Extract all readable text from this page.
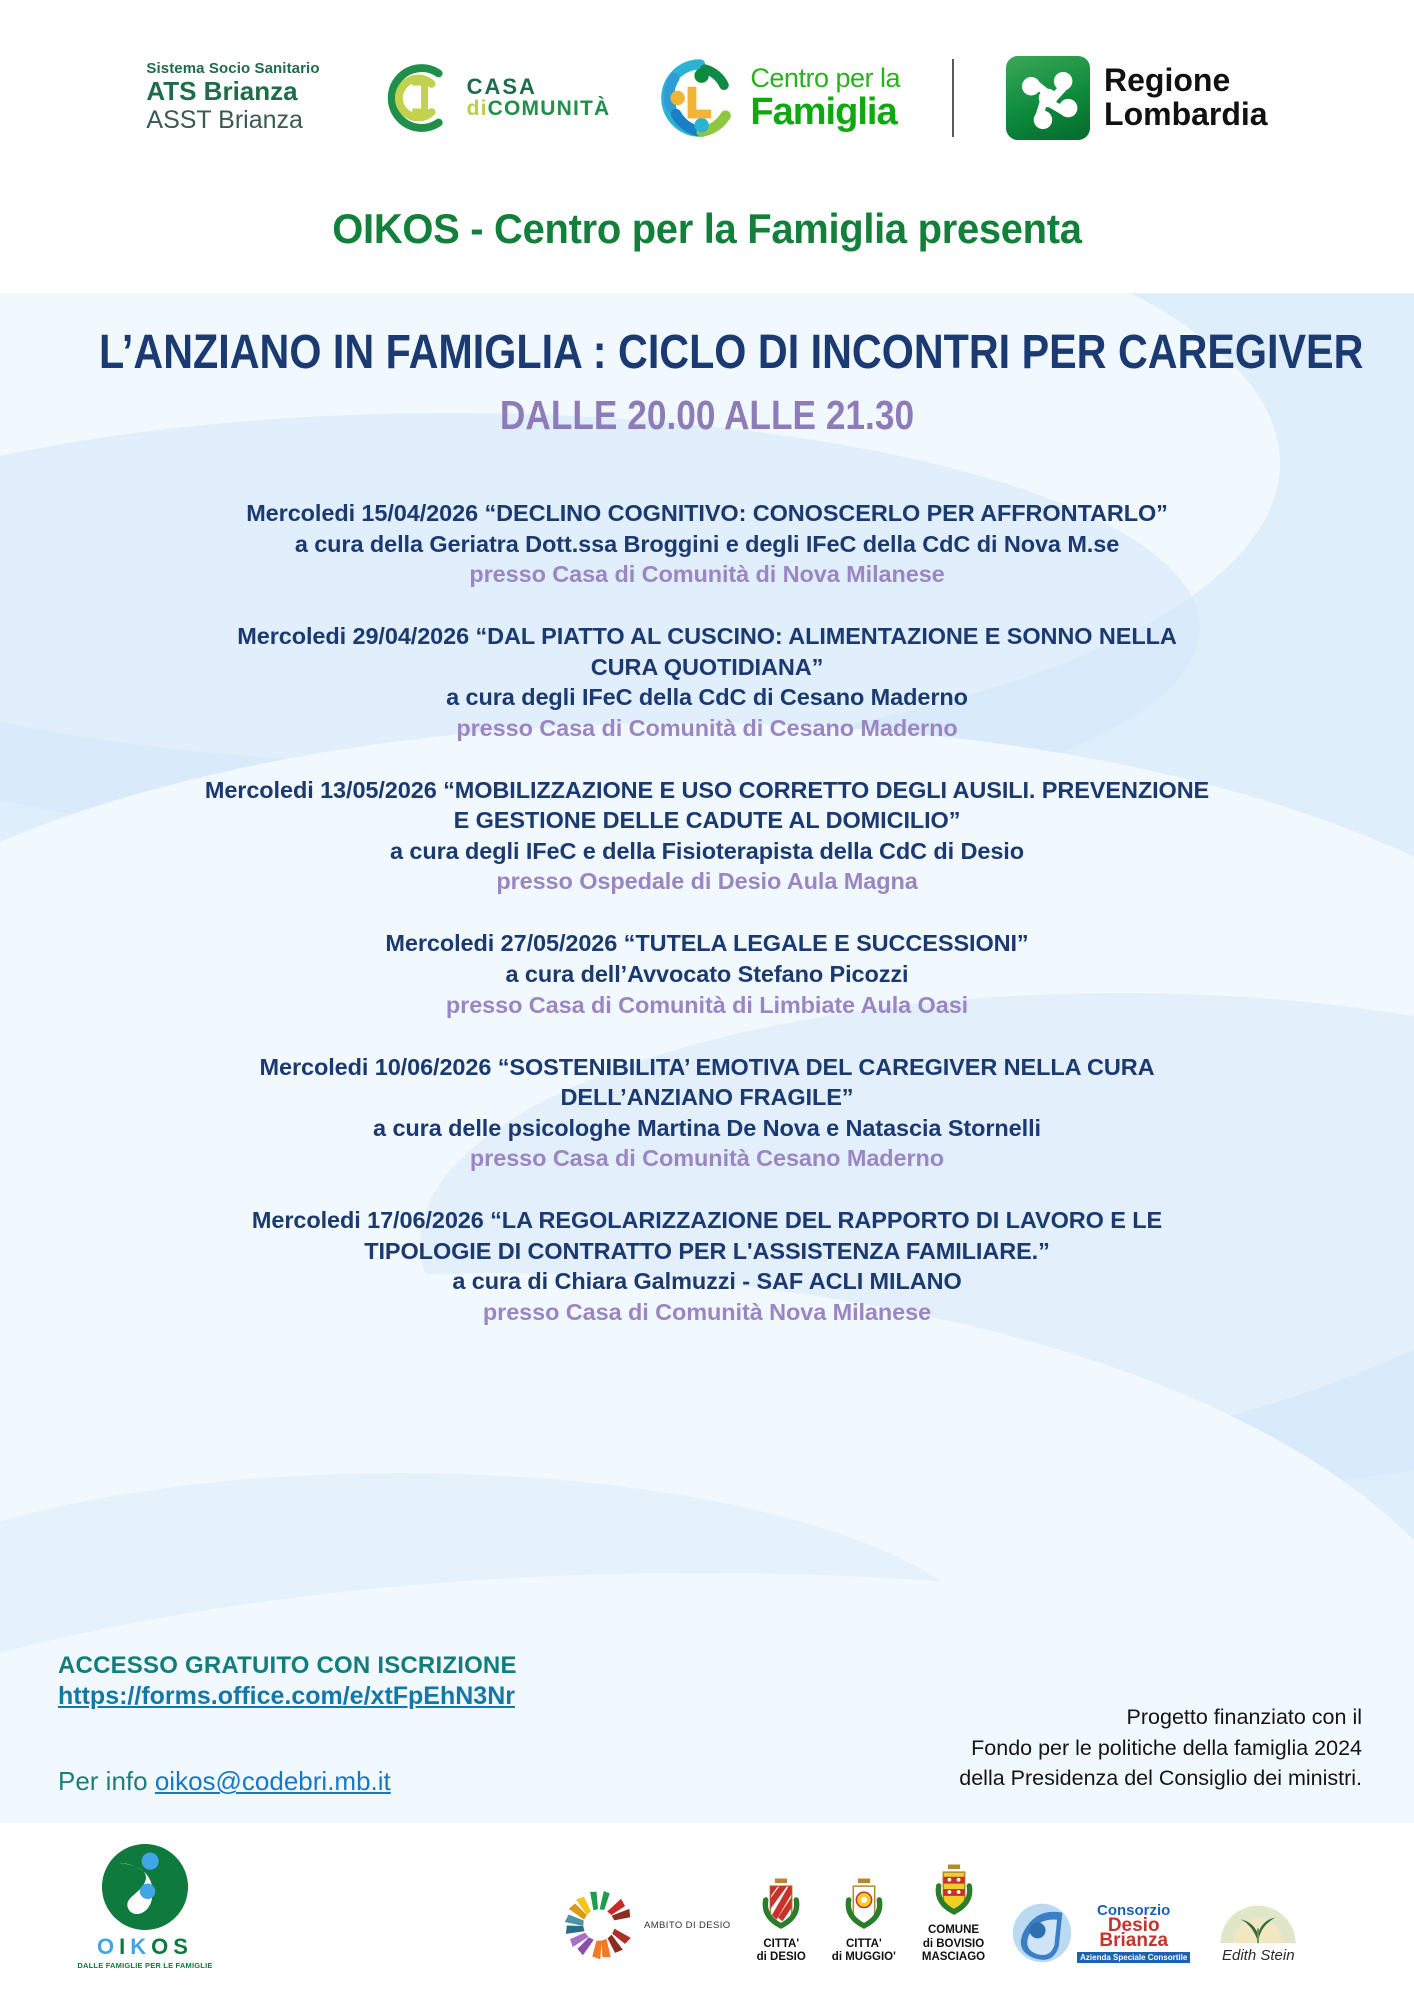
Sistema Socio Sanitario
ATS Brianza
ASST Brianza
CASA
diCOMUNITÀ
Centro per la
Famiglia
Regione
Lombardia
OIKOS - Centro per la Famiglia presenta
L’ANZIANO IN FAMIGLIA : CICLO DI INCONTRI PER CAREGIVER
DALLE 20.00 ALLE 21.30
Mercoledi 15/04/2026 “DECLINO COGNITIVO: CONOSCERLO PER AFFRONTARLO”
a cura della Geriatra Dott.ssa Broggini e degli IFeC della CdC di Nova M.se
presso Casa di Comunità di Nova Milanese
Mercoledi 29/04/2026 “DAL PIATTO AL CUSCINO: ALIMENTAZIONE E SONNO NELLA
CURA QUOTIDIANA”
a cura degli IFeC della CdC di Cesano Maderno
presso Casa di Comunità di Cesano Maderno
Mercoledi 13/05/2026 “MOBILIZZAZIONE E USO CORRETTO DEGLI AUSILI. PREVENZIONE
E GESTIONE DELLE CADUTE AL DOMICILIO”
a cura degli IFeC e della Fisioterapista della CdC di Desio
presso Ospedale di Desio Aula Magna
Mercoledi 27/05/2026 “TUTELA LEGALE E SUCCESSIONI”
a cura dell’Avvocato Stefano Picozzi
presso Casa di Comunità di Limbiate Aula Oasi
Mercoledi 10/06/2026 “SOSTENIBILITA’ EMOTIVA DEL CAREGIVER NELLA CURA
DELL’ANZIANO FRAGILE”
a cura delle psicologhe Martina De Nova e Natascia Stornelli
presso Casa di Comunità Cesano Maderno
Mercoledi 17/06/2026 “LA REGOLARIZZAZIONE DEL RAPPORTO DI LAVORO E LE
TIPOLOGIE DI CONTRATTO PER L'ASSISTENZA FAMILIARE.”
a cura di Chiara Galmuzzi - SAF ACLI MILANO
presso Casa di Comunità Nova Milanese
ACCESSO GRATUITO CON ISCRIZIONE
https://forms.office.com/e/xtFpEhN3Nr
Per info oikos@codebri.mb.it
Progetto finanziato con il
Fondo per le politiche della famiglia 2024
della Presidenza del Consiglio dei ministri.
OIKOS
DALLE FAMIGLIE PER LE FAMIGLIE
AMBITO DI DESIO
CITTA'
di DESIO
CITTA'
di MUGGIO'
COMUNE
di BOVISIO
MASCIAGO
Consorzio
Desio
Brianza
Azienda Speciale Consortile	Edith Stein
